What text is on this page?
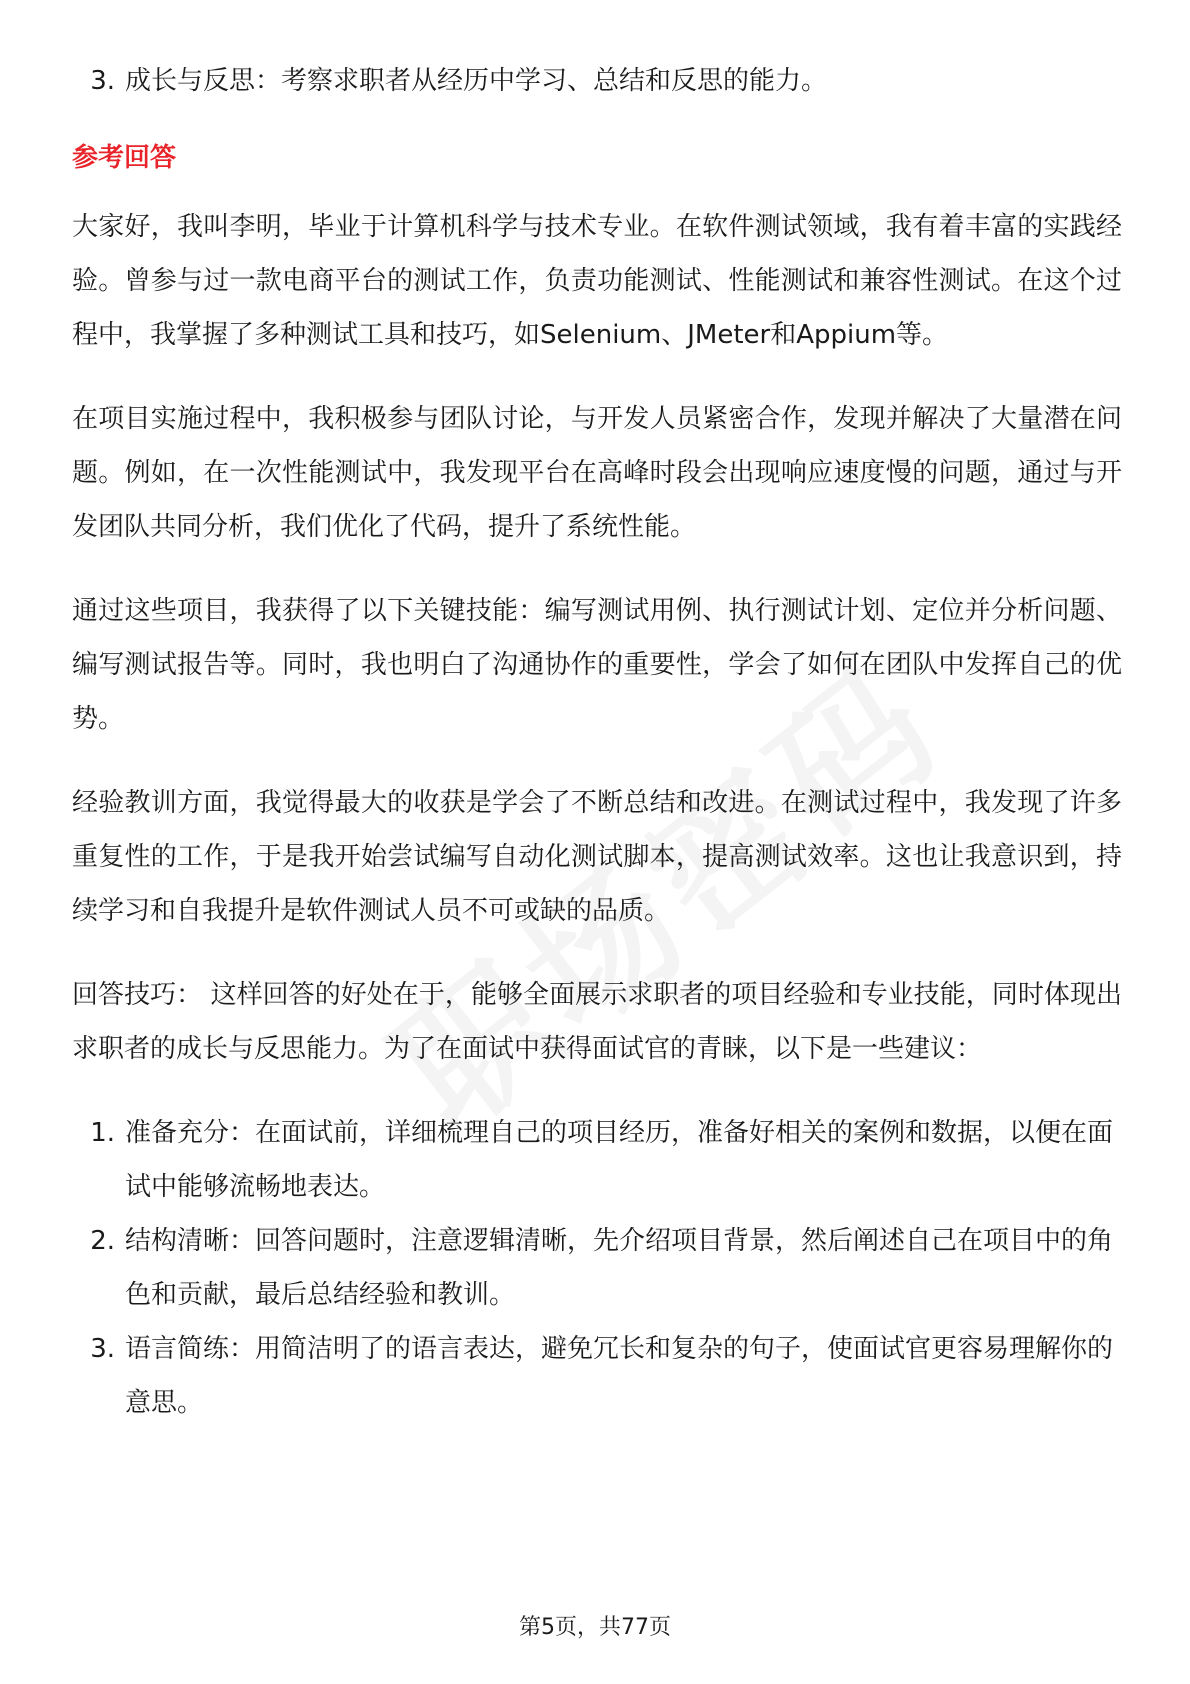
3. 成长与反思：考察求职者从经历中学习、总结和反思的能力。
参考回答

大家好，我叫李明，毕业于计算机科学与技术专业。在软件测试领域，我有着丰富的实践经验。曾参与过一款电商平台的测试工作，负责功能测试、性能测试和兼容性测试。在这个过程中，我掌握了多种测试工具和技巧，如Selenium、JMeter和Appium等。

在项目实施过程中，我积极参与团队讨论，与开发人员紧密合作，发现并解决了大量潜在问题。例如，在一次性能测试中，我发现平台在高峰时段会出现响应速度慢的问题，通过与开发团队共同分析，我们优化了代码，提升了系统性能。

通过这些项目，我获得了以下关键技能：编写测试用例、执行测试计划、定位并分析问题、编写测试报告等。同时，我也明白了沟通协作的重要性，学会了如何在团队中发挥自己的优势。

经验教训方面，我觉得最大的收获是学会了不断总结和改进。在测试过程中，我发现了许多重复性的工作，于是我开始尝试编写自动化测试脚本，提高测试效率。这也让我意识到，持续学习和自我提升是软件测试人员不可或缺的品质。

回答技巧： 这样回答的好处在于，能够全面展示求职者的项目经验和专业技能，同时体现出求职者的成长与反思能力。为了在面试中获得面试官的青睐，以下是一些建议：

1. 准备充分：在面试前，详细梳理自己的项目经历，准备好相关的案例和数据，以便在面试中能够流畅地表达。
2. 结构清晰：回答问题时，注意逻辑清晰，先介绍项目背景，然后阐述自己在项目中的角色和贡献，最后总结经验和教训。
3. 语言简练：用简洁明了的语言表达，避免冗长和复杂的句子，使面试官更容易理解你的意思。
第5页，共77页
